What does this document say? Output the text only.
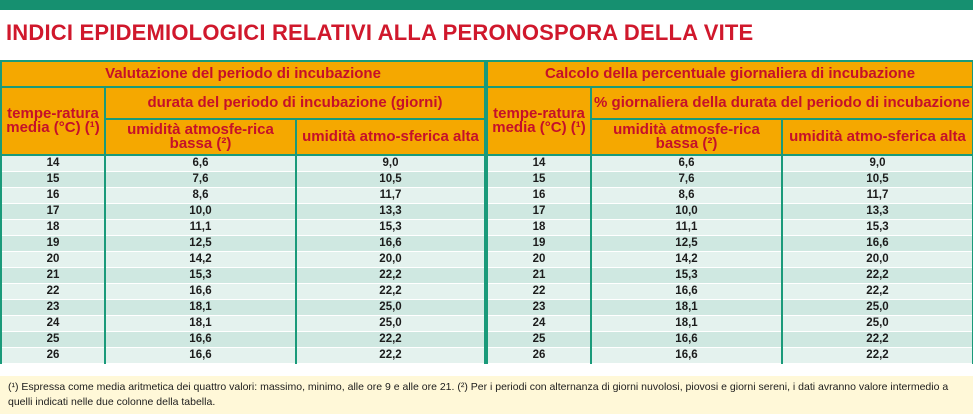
INDICI EPIDEMIOLOGICI RELATIVI ALLA PERONOSPORA DELLA VITE
Valutazione del periodo di incubazione				Calcolo della percentuale giornaliera di incubazione		
tempe-ratura media (°C) (¹)	durata del periodo di incubazione (giorni)			tempe-ratura media (°C) (¹)	% giornaliera della durata del periodo di incubazione	
	umidità atmosfe-rica bassa (²)	umidità atmo-sferica alta			umidità atmosfe-rica bassa (²)	umidità atmo-sferica alta
14	6,6	9,0		14	6,6	9,0
15	7,6	10,5		15	7,6	10,5
16	8,6	11,7		16	8,6	11,7
17	10,0	13,3		17	10,0	13,3
18	11,1	15,3		18	11,1	15,3
19	12,5	16,6		19	12,5	16,6
20	14,2	20,0		20	14,2	20,0
21	15,3	22,2		21	15,3	22,2
22	16,6	22,2		22	16,6	22,2
23	18,1	25,0		23	18,1	25,0
24	18,1	25,0		24	18,1	25,0
25	16,6	22,2		25	16,6	22,2
26	16,6	22,2		26	16,6	22,2
(¹) Espressa come media aritmetica dei quattro valori: massimo, minimo, alle ore 9 e alle ore 21. (²) Per i periodi con alternanza di giorni nuvolosi, piovosi e giorni sereni, i dati avranno valore intermedio a quelli indicati nelle due colonne della tabella.
